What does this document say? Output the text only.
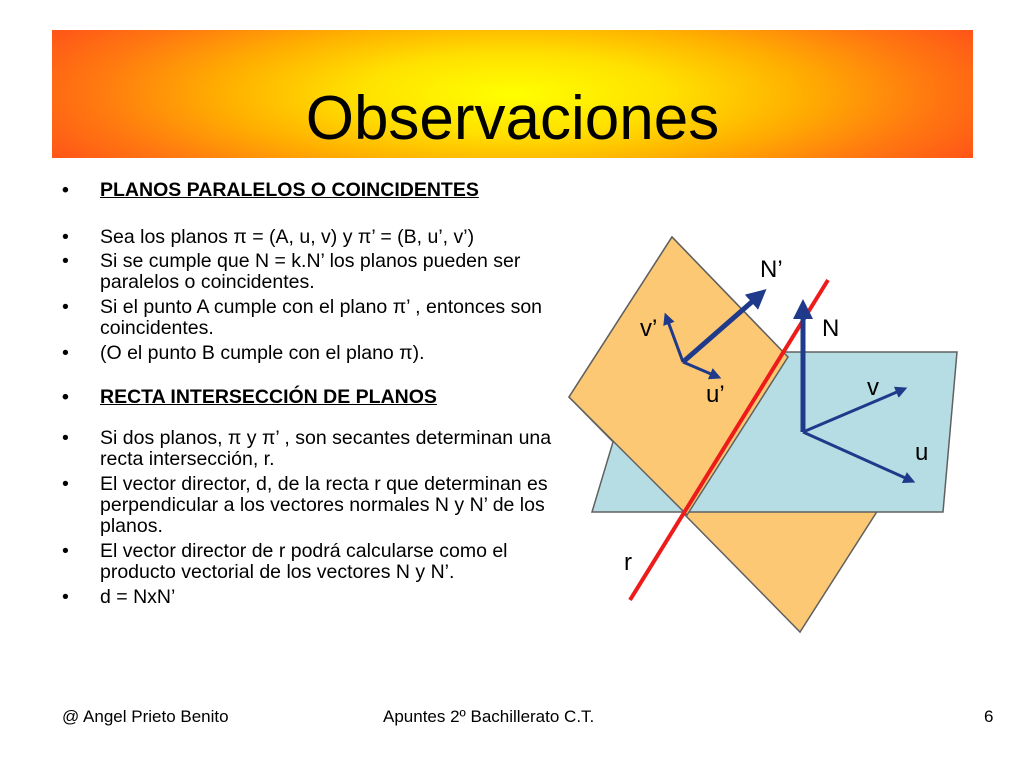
Observaciones
• PLANOS PARALELOS O COINCIDENTES
• Sea los planos π = (A, u, v) y π’ = (B, u’, v’)
• Si se cumple que N = k.N’ los planos pueden ser paralelos o coincidentes.
• Si el punto A cumple con el plano π’ , entonces son coincidentes.
• (O el punto B cumple con el plano π).
• RECTA INTERSECCIÓN DE PLANOS
• Si dos planos, π y π’ , son secantes determinan una recta intersección, r.
• El vector director, d, de la recta r que determinan es perpendicular a los vectores normales N y N’ de los planos.
• El vector director de r podrá calcularse como el producto vectorial de los vectores N y N’.
• d = NxN’
N’
v’	N
u’	v
u
r
@ Angel Prieto Benito	Apuntes 2º Bachillerato C.T.	6
